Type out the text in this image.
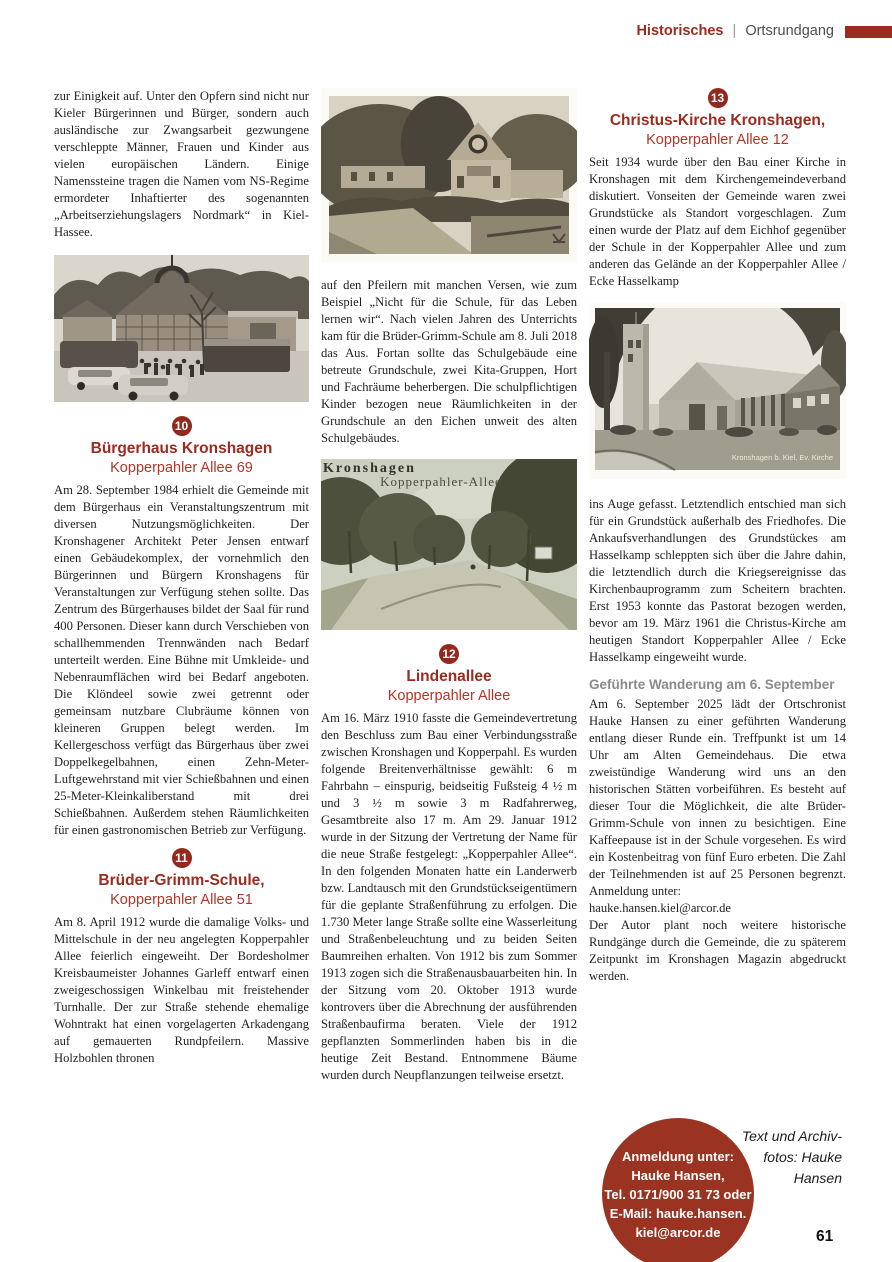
Historisches | Ortsrundgang

zur Einigkeit auf. Unter den Opfern sind nicht nur Kieler Bürgerinnen und Bürger, sondern auch ausländische zur Zwangsarbeit gezwungene verschleppte Männer, Frauen und Kinder aus vielen europäischen Ländern. Einige Namenssteine tragen die Namen vom NS-Regime ermordeter Inhaftierter des sogenannten „Arbeitserziehungslagers Nordmark“ in Kiel-Hassee.

10
Bürgerhaus Kronshagen
Kopperpahler Allee 69

Am 28. September 1984 erhielt die Gemeinde mit dem Bürgerhaus ein Veranstaltungszentrum mit diversen Nutzungsmöglichkeiten. Der Kronshagener Architekt Peter Jensen entwarf einen Gebäudekomplex, der vornehmlich den Bürgerinnen und Bürgern Kronshagens für Veranstaltungen zur Verfügung stehen sollte. Das Zentrum des Bürgerhauses bildet der Saal für rund 400 Personen. Dieser kann durch Verschieben von schallhemmenden Trennwänden nach Bedarf unterteilt werden. Eine Bühne mit Umkleide- und Nebenraumflächen wird bei Bedarf angeboten. Die Klöndeel sowie zwei getrennt oder gemeinsam nutzbare Clubräume können von kleineren Gruppen belegt werden. Im Kellergeschoss verfügt das Bürgerhaus über zwei Doppelkegelbahnen, einen Zehn-Meter-Luftgewehrstand mit vier Schießbahnen und einen 25-Meter-Kleinkaliberstand mit drei Schießbahnen. Außerdem stehen Räumlichkeiten für einen gastronomischen Betrieb zur Verfügung.

11
Brüder-Grimm-Schule,
Kopperpahler Allee 51

Am 8. April 1912 wurde die damalige Volks- und Mittelschule in der neu angelegten Kopperpahler Allee feierlich eingeweiht. Der Bordesholmer Kreisbaumeister Johannes Garleff entwarf einen zweigeschossigen Winkelbau mit freistehender Turnhalle. Der zur Straße stehende ehemalige Wohntrakt hat einen vorgelagerten Arkadengang auf gemauerten Rundpfeilern. Massive Holzbohlen thronen

auf den Pfeilern mit manchen Versen, wie zum Beispiel „Nicht für die Schule, für das Leben lernen wir“. Nach vielen Jahren des Unterrichts kam für die Brüder-Grimm-Schule am 8. Juli 2018 das Aus. Fortan sollte das Schulgebäude eine betreute Grundschule, zwei Kita-Gruppen, Hort und Fachräume beherbergen. Die schulpflichtigen Kinder bezogen neue Räumlichkeiten in der Grundschule an den Eichen unweit des alten Schulgebäudes.

Kronshagen
Kopperpahler-Allee
12
Lindenallee
Kopperpahler Allee

Am 16. März 1910 fasste die Gemeindevertretung den Beschluss zum Bau einer Verbindungsstraße zwischen Kronshagen und Kopperpahl. Es wurden folgende Breitenverhältnisse gewählt: 6 m Fahrbahn – einspurig, beidseitig Fußsteig 4 ½ m und 3 ½ m sowie 3 m Radfahrerweg, Gesamtbreite also 17 m. Am 29. Januar 1912 wurde in der Sitzung der Vertretung der Name für die neue Straße festgelegt: „Kopperpahler Allee“. In den folgenden Monaten hatte ein Landerwerb bzw. Landtausch mit den Grundstückseigentümern für die geplante Straßenführung zu erfolgen. Die 1.730 Meter lange Straße sollte eine Wasserleitung und Straßenbeleuchtung und zu beiden Seiten Baumreihen erhalten. Von 1912 bis zum Sommer 1913 zogen sich die Straßenausbauarbeiten hin. In der Sitzung vom 20. Oktober 1913 wurde kontrovers über die Abrechnung der ausführenden Straßenbaufirma beraten. Viele der 1912 gepflanzten Sommerlinden haben bis in die heutige Zeit Bestand. Entnommene Bäume wurden durch Neupflanzungen teilweise ersetzt.

13
Christus-Kirche Kronshagen,
Kopperpahler Allee 12

Seit 1934 wurde über den Bau einer Kirche in Kronshagen mit dem Kirchengemeindeverband diskutiert. Vonseiten der Gemeinde waren zwei Grundstücke als Standort vorgeschlagen. Zum einen wurde der Platz auf dem Eichhof gegenüber der Schule in der Kopperpahler Allee und zum anderen das Gelände an der Kopperpahler Allee / Ecke Hasselkamp

Kronshagen b. Kiel, Ev. Kirche

ins Auge gefasst. Letztendlich entschied man sich für ein Grundstück außerhalb des Friedhofes. Die Ankaufsverhandlungen des Grundstückes am Hasselkamp schleppten sich über die Jahre dahin, die letztendlich durch die Kriegsereignisse das Kirchenbauprogramm zum Scheitern brachten. Erst 1953 konnte das Pastorat bezogen werden, bevor am 19. März 1961 die Christus-Kirche am heutigen Standort Kopperpahler Allee / Ecke Hasselkamp eingeweiht wurde.

Geführte Wanderung am 6. September

Am 6. September 2025 lädt der Ortschronist Hauke Hansen zu einer geführten Wanderung entlang dieser Runde ein. Treffpunkt ist um 14 Uhr am Alten Gemeindehaus. Die etwa zweistündige Wanderung wird uns an den historischen Stätten vorbeiführen. Es besteht auf dieser Tour die Möglichkeit, die alte Brüder-Grimm-Schule von innen zu besichtigen. Eine Kaffeepause ist in der Schule vorgesehen. Es wird ein Kostenbeitrag von fünf Euro erbeten. Die Zahl der Teilnehmenden ist auf 25 Personen begrenzt. Anmeldung unter:

hauke.hansen.kiel@arcor.de

Der Autor plant noch weitere historische Rundgänge durch die Gemeinde, die zu späterem Zeitpunkt im Kronshagen Magazin abgedruckt werden.

Anmeldung unter:
Hauke Hansen,
Tel. 0171/900 31 73 oder
E-Mail: hauke.hansen.
kiel@arcor.de
Text und Archiv-
fotos: Hauke
Hansen
61
